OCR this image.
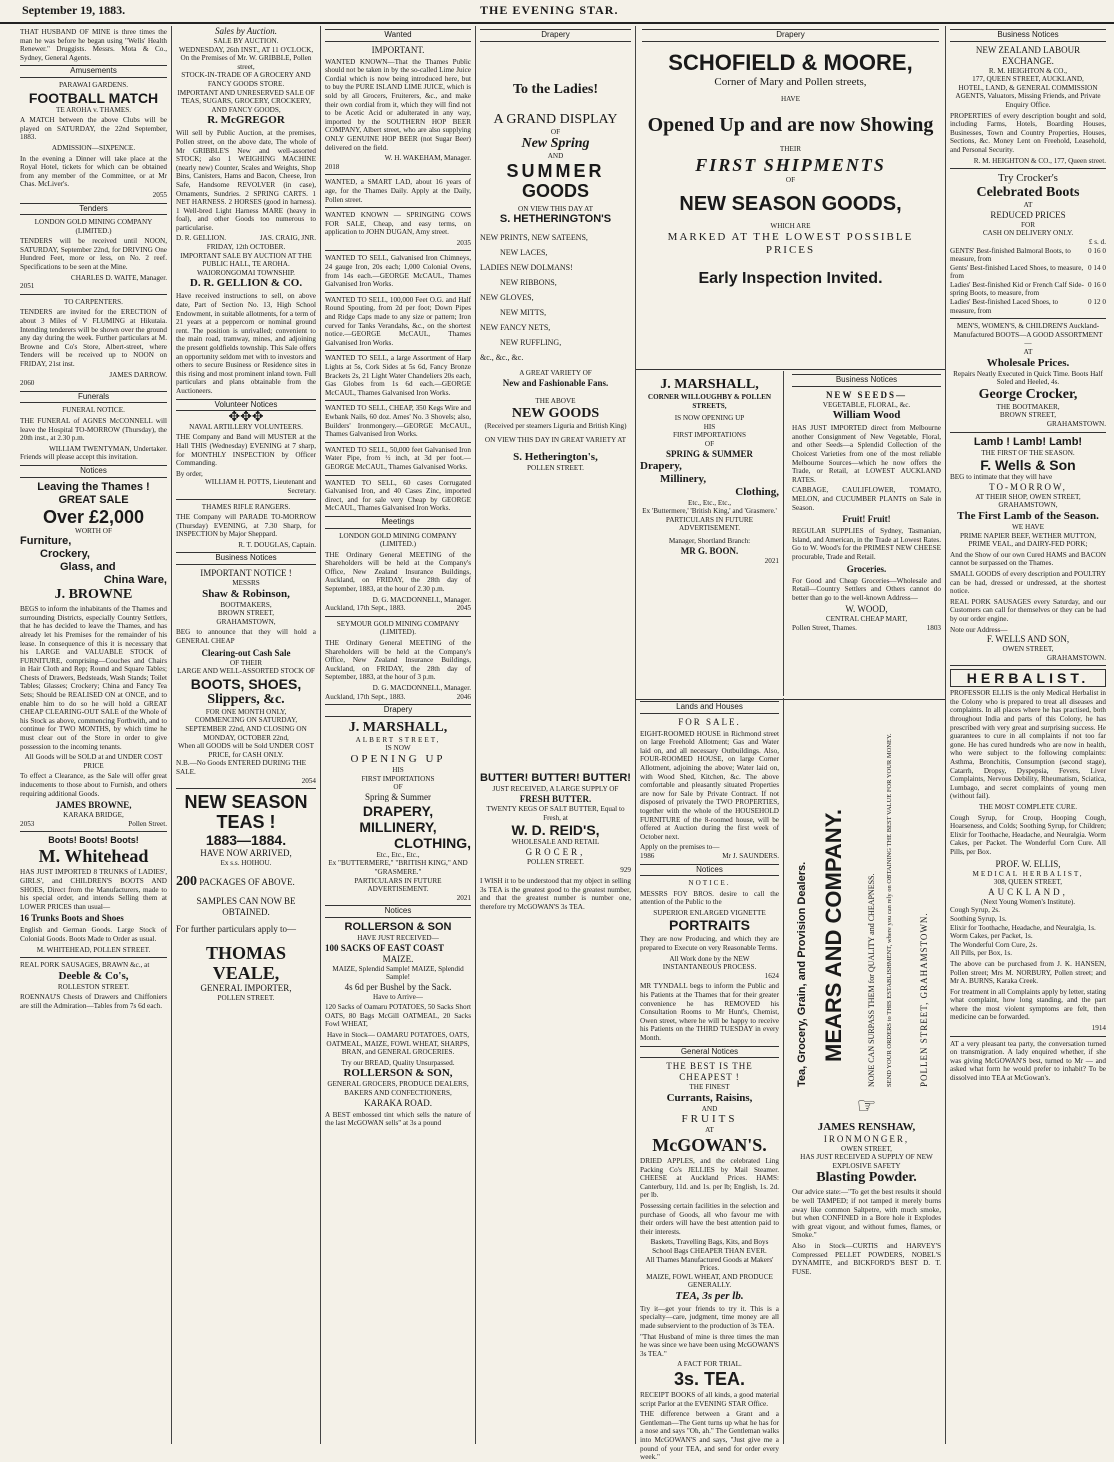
September 19, 1883.	THE EVENING STAR.

THAT HUSBAND OF MINE is three times the man he was before he began using "Wells' Health Renewer." Druggists. Messrs. Mota & Co., Sydney, General Agents.

Amusements
PARAWAI GARDENS.
FOOTBALL MATCH
TE AROHA v. THAMES.

A MATCH between the above Clubs will be played on SATURDAY, the 22nd September, 1883.

ADMISSION—SIXPENCE.

In the evening a Dinner will take place at the Royal Hotel, tickets for which can be obtained from any member of the Committee, or at Mr Chas. McLiver's.

2055
Tenders
LONDON GOLD MINING COMPANY (LIMITED.)

TENDERS will be received until NOON, SATURDAY, September 22nd, for DRIVING One Hundred Feet, more or less, on No. 2 reef. Specifications to be seen at the Mine.

CHARLES D. WAITE, Manager.
2051
TO CARPENTERS.

TENDERS are invited for the ERECTION of about 3 Miles of V FLUMING at Hikutaia. Intending tenderers will be shown over the ground any day during the week. Further particulars at M. Browne and Co's Store, Albert-street, where Tenders will be received up to NOON on FRIDAY, 21st inst.

JAMES DARROW.
2060
Funerals
FUNERAL NOTICE.

THE FUNERAL of AGNES McCONNELL will leave the Hospital TO-MORROW (Thursday), the 20th inst., at 2.30 p.m.

WILLIAM TWENTYMAN, Undertaker.
Friends will please accept this invitation.
Notices
Leaving the Thames !
GREAT SALE
Over £2,000
WORTH OF
Furniture,
Crockery,
Glass, and
China Ware,
J. BROWNE

BEGS to inform the inhabitants of the Thames and surrounding Districts, especially Country Settlers, that he has decided to leave the Thames, and has already let his Premises for the remainder of his lease. In consequence of this it is necessary that his LARGE and VALUABLE STOCK of FURNITURE, comprising—Couches and Chairs in Hair Cloth and Rep; Round and Square Tables; Chests of Drawers, Bedsteads, Wash Stands; Toilet Tables; Glasses; Crockery; China and Fancy Tea Sets; Should be REALISED ON at ONCE, and to enable him to do so he will hold a GREAT CHEAP CLEARING-OUT SALE of the Whole of his Stock as above, commencing Forthwith, and to continue for TWO MONTHS, by which time he must clear out of the Store in order to give possession to the incoming tenants.

All Goods will be SOLD at and UNDER COST PRICE

To effect a Clearance, as the Sale will offer great inducements to those about to Furnish, and others requiring additional Goods.

JAMES BROWNE,
KARAKA BRIDGE,
2053	Pollen Street.
Boots! Boots! Boots!
M. Whitehead

HAS JUST IMPORTED 8 TRUNKS of LADIES', GIRLS', and CHILDREN'S BOOTS AND SHOES, Direct from the Manufacturers, made to his special order, and intends Selling them at LOWER PRICES than usual—

16 Trunks Boots and Shoes

English and German Goods. Large Stock of Colonial Goods. Boots Made to Order as usual.

M. WHITEHEAD, POLLEN STREET.
REAL PORK SAUSAGES, BRAWN &c., at
Deeble & Co's,
ROLLESTON STREET.

ROENNAU'S Chests of Drawers and Chiffoniers are still the Admiration—Tables from 7s 6d each.

Sales by Auction.
SALE BY AUCTION.
WEDNESDAY, 26th INST., AT 11 O'CLOCK,
On the Premises of Mr. W. GRIBBLE, Pollen street,
STOCK-IN-TRADE OF A GROCERY AND FANCY GOODS STORE.
IMPORTANT AND UNRESERVED SALE OF TEAS, SUGARS, GROCERY, CROCKERY, AND FANCY GOODS,
R. McGREGOR

Will sell by Public Auction, at the premises, Pollen street, on the above date, The whole of Mr GRIBBLE'S New and well-assorted STOCK; also 1 WEIGHING MACHINE (nearly new) Counter, Scales and Weights, Shop Bins, Canisters, Hams and Bacon, Cheese, Iron Safe, Handsome REVOLVER (in case), Ornaments, Sundries. 2 SPRING CARTS. 1 NET HARNESS. 2 HORSES (good in harness). 1 Well-bred Light Harness MARE (heavy in foal), and other Goods too numerous to particularise.

D. R. GELLION.	JAS. CRAIG, JNR.
FRIDAY, 12th OCTOBER.
IMPORTANT SALE BY AUCTION AT THE PUBLIC HALL, TE AROHA.
WAIORONGOMAI TOWNSHIP.
D. R. GELLION & CO.

Have received instructions to sell, on above date, Part of Section No. 13, High School Endowment, in suitable allotments, for a term of 21 years at a peppercorn or nominal ground rent. The position is unrivalled; convenient to the main road, tramway, mines, and adjoining the present goldfields township. This Sale offers an opportunity seldom met with to investors and others to secure Business or Residence sites in this rising and most prominent inland town. Full particulars and plans obtainable from the Auctioneers.

Volunteer Notices
✥✥✥
NAVAL ARTILLERY VOLUNTEERS.

THE Company and Band will MUSTER at the Hall THIS (Wednesday) EVENING at 7 sharp, for MONTHLY INSPECTION by Officer Commanding.

By order,
WILLIAM H. POTTS, Lieutenant and Secretary.
THAMES RIFLE RANGERS.

THE Company will PARADE TO-MORROW (Thursday) EVENING, at 7.30 Sharp, for INSPECTION by Major Sheppard.

R. T. DOUGLAS, Captain.
Business Notices
IMPORTANT NOTICE !
MESSRS
Shaw & Robinson,
BOOTMAKERS,
BROWN STREET,
GRAHAMSTOWN,

BEG to announce that they will hold a GENERAL CHEAP

Clearing-out Cash Sale
OF THEIR
LARGE AND WELL-ASSORTED STOCK OF
BOOTS, SHOES,
Slippers, &c.
FOR ONE MONTH ONLY,
COMMENCING ON SATURDAY, SEPTEMBER 22nd, AND CLOSING ON MONDAY, OCTOBER 22nd,
When all GOODS will be Sold UNDER COST PRICE, for CASH ONLY.
N.B.—No Goods ENTERED DURING THE SALE.
2054
NEW SEASON
TEAS !
1883—1884.
HAVE NOW ARRIVED,
Ex s.s. HOIHOU.
200 PACKAGES OF ABOVE.
SAMPLES CAN NOW BE OBTAINED.
For further particulars apply to—
THOMAS VEALE,
GENERAL IMPORTER,
POLLEN STREET.
Wanted
IMPORTANT.

WANTED KNOWN—That the Thames Public should not be taken in by the so-called Lime Juice Cordial which is now being introduced here, but to buy the PURE ISLAND LIME JUICE, which is sold by all Grocers, Fruiterers, &c., and make their own cordial from it, which they will find not to be Acetic Acid or adulterated in any way, imported by the SOUTHERN HOP BEER COMPANY, Albert street, who are also supplying ONLY GENUINE HOP BEER (not Sugar Beer) delivered on the field.

W. H. WAKEHAM, Manager.
2018

WANTED, a SMART LAD, about 16 years of age, for the Thames Daily. Apply at the Daily, Pollen street.

WANTED KNOWN — SPRINGING COWS FOR SALE, Cheap, and easy terms, on application to JOHN DUGAN, Amy street.

2035

WANTED TO SELL, Galvanised Iron Chimneys, 24 gauge Iron, 20s each; 1,000 Colonial Ovens, from 14s each.—GEORGE McCAUL, Thames Galvanised Iron Works.

WANTED TO SELL, 100,000 Feet O.G. and Half Round Spouting, from 2d per foot; Down Pipes and Ridge Caps made to any size or pattern; Iron curved for Tanks Verandahs, &c., on the shortest notice.—GEORGE McCAUL, Thames Galvanised Iron Works.

WANTED TO SELL, a large Assortment of Harp Lights at 5s, Cork Sides at 5s 6d, Fancy Bronze Brackets 2s, 21 Light Water Chandeliers 20s each, Gas Globes from 1s 6d each.—GEORGE McCAUL, Thames Galvanised Iron Works.

WANTED TO SELL, CHEAP, 350 Kegs Wire and Ewbank Nails, 60 doz. Ames' No. 3 Shovels; also, Builders' Ironmongery.—GEORGE McCAUL, Thames Galvanised Iron Works.

WANTED TO SELL, 50,000 feet Galvanised Iron Water Pipe, from ½ inch, at 3d per foot.—GEORGE McCAUL, Thames Galvanised Works.

WANTED TO SELL, 60 cases Corrugated Galvanised Iron, and 40 Cases Zinc, imported direct, and for sale very Cheap by GEORGE McCAUL, Thames Galvanised Iron Works.

Meetings
LONDON GOLD MINING COMPANY (LIMITED.)

THE Ordinary General MEETING of the Shareholders will be held at the Company's Office, New Zealand Insurance Buildings, Auckland, on FRIDAY, the 28th day of September, 1883, at the hour of 2.30 p.m.

D. G. MACDONNELL, Manager.
Auckland, 17th Sept., 1883.	2045
SEYMOUR GOLD MINING COMPANY (LIMITED).

THE Ordinary General MEETING of the Shareholders will be held at the Company's Office, New Zealand Insurance Buildings, Auckland, on FRIDAY, the 28th day of September, 1883, at the hour of 3 p.m.

D. G. MACDONNELL, Manager.
Auckland, 17th Sept., 1883.	2046
Drapery
J. MARSHALL,
ALBERT STREET,
IS NOW
OPENING UP
HIS
FIRST IMPORTATIONS
OF
Spring & Summer
DRAPERY,
MILLINERY,
CLOTHING,
Etc., Etc., Etc.,
Ex "BUTTERMERE," "BRITISH KING," AND "GRASMERE."
PARTICULARS IN FUTURE ADVERTISEMENT.
2021
Notices
ROLLERSON & SON
HAVE JUST RECEIVED—
100 SACKS OF EAST COAST
MAIZE.
MAIZE, Splendid Sample! MAIZE, Splendid Sample!
4s 6d per Bushel by the Sack.
Have to Arrive—

120 Sacks of Oamaru POTATOES, 50 Sacks Short OATS, 80 Bags McGill OATMEAL, 20 Sacks Fowl WHEAT,

Have in Stock— OAMARU POTATOES, OATS, OATMEAL, MAIZE, FOWL WHEAT, SHARPS, BRAN, and GENERAL GROCERIES.

Try our BREAD, Quality Unsurpassed.
ROLLERSON & SON,
GENERAL GROCERS, PRODUCE DEALERS, BAKERS AND CONFECTIONERS,
KARAKA ROAD.

A BEST embossed tint which sells the nature of the last McGOWAN sells" at 3s a pound

Drapery
To the Ladies!
A GRAND DISPLAY
OF
New Spring
AND
SUMMER
GOODS
ON VIEW THIS DAY AT
S. HETHERINGTON'S
NEW PRINTS, NEW SATEENS,
NEW LACES,
LADIES NEW DOLMANS!
NEW RIBBONS,
NEW GLOVES,
NEW MITTS,
NEW FANCY NETS,
NEW RUFFLING,
&c., &c., &c.
A GREAT VARIETY OF
New and Fashionable Fans.
THE ABOVE
NEW GOODS
(Received per steamers Liguria and British King)
ON VIEW THIS DAY IN GREAT VARIETY AT
S. Hetherington's,
POLLEN STREET.
BUTTER! BUTTER! BUTTER!
JUST RECEIVED, A LARGE SUPPLY OF
FRESH BUTTER.
TWENTY KEGS OF SALT BUTTER, Equal to Fresh, at
W. D. REID'S,
WHOLESALE AND RETAIL
GROCER,
POLLEN STREET.
929

I WISH it to be understood that my object in selling 3s TEA is the greatest good to the greatest number, and that the greatest number is number one, therefore try McGOWAN'S 3s TEA.

Drapery
SCHOFIELD & MOORE,
Corner of Mary and Pollen streets,
HAVE
Opened Up and are now Showing
THEIR
FIRST SHIPMENTS
OF
NEW SEASON GOODS,
WHICH ARE
MARKED AT THE LOWEST POSSIBLE PRICES
Early Inspection Invited.
J. MARSHALL,
CORNER WILLOUGHBY & POLLEN STREETS,
IS NOW OPENING UP
HIS
FIRST IMPORTATIONS
OF
SPRING & SUMMER
Drapery,
Millinery,
Clothing,
Etc., Etc., Etc.,
Ex 'Buttermere,' 'British King,' and 'Grasmere.'
PARTICULARS IN FUTURE ADVERTISEMENT.
Manager, Shortland Branch:
MR G. BOON.
2021
Business Notices
NEW SEEDS—
VEGETABLE, FLORAL, &c.
William Wood

HAS JUST IMPORTED direct from Melbourne another Consignment of New Vegetable, Floral, and other Seeds—a Splendid Collection of the Choicest Varieties from one of the most reliable Melbourne Sources—which he now offers the Trade, or Retail, at LOWEST AUCKLAND RATES.

CABBAGE, CAULIFLOWER, TOMATO, MELON, and CUCUMBER PLANTS on Sale in Season.

Fruit! Fruit!

REGULAR SUPPLIES of Sydney, Tasmanian, Island, and American, in the Trade at Lowest Rates. Go to W. Wood's for the PRIMEST NEW CHEESE procurable, Trade and Retail.

Groceries.

For Good and Cheap Groceries—Wholesale and Retail—Country Settlers and Others cannot do better than go to the well-known Address—

W. WOOD,
CENTRAL CHEAP MART,
Pollen Street, Thames.	1803
Lands and Houses
FOR SALE.

EIGHT-ROOMED HOUSE in Richmond street on large Freehold Allotment; Gas and Water laid on, and all necessary Outbuildings. Also, FOUR-ROOMED HOUSE, on large Corner Allotment, adjoining the above; Water laid on, with Wood Shed, Kitchen, &c. The above comfortable and pleasantly situated Properties are now for Sale by Private Contract. If not disposed of privately the TWO PROPERTIES, together with the whole of the HOUSEHOLD FURNITURE of the 8-roomed house, will be offered at Auction during the first week of October next.

Apply on the premises to—
1986	Mr J. SAUNDERS.
Notices
NOTICE.

MESSRS FOY BROS. desire to call the attention of the Public to the

SUPERIOR ENLARGED VIGNETTE
PORTRAITS

They are now Producing, and which they are prepared to Execute on very Reasonable Terms.

All Work done by the NEW INSTANTANEOUS PROCESS.
1624

MR TYNDALL begs to inform the Public and his Patients at the Thames that for their greater convenience he has REMOVED his Consultation Rooms to Mr Hunt's, Chemist, Owen street, where he will be happy to receive his Patients on the THIRD TUESDAY in every Month.

General Notices
THE BEST IS THE CHEAPEST !
THE FINEST
Currants, Raisins,
AND
FRUITS
AT
McGOWAN'S.

DRIED APPLES, and the celebrated Ling Packing Co's JELLIES by Mail Steamer. CHEESE at Auckland Prices. HAMS: Canterbury, 11d. and 1s. per lb; English, 1s. 2d. per lb.

Possessing certain facilities in the selection and purchase of Goods, all who favour me with their orders will have the best attention paid to their interests.

Baskets, Travelling Bags, Kits, and Boys School Bags CHEAPER THAN EVER.
All Thames Manufactured Goods at Makers' Prices.
MAIZE, FOWL WHEAT, AND PRODUCE GENERALLY.
TEA, 3s per lb.

Try it—get your friends to try it. This is a specialty—care, judgment, time money are all made subservient to the production of 3s TEA.

"That Husband of mine is three times the man he was since we have been using McGOWAN'S 3s TEA."

A FACT FOR TRIAL.
3s. TEA.

RECEIPT BOOKS of all kinds, a good material script Parlor at the EVENING STAR Office.

THE difference between a Grant and a Gentleman—The Gent turns up what he has for a nose and says "Oh, ah." The Gentleman walks into McGOWAN'S and says, "Just give me a pound of your TEA, and send for order every week."

Tea, Grocery, Grain, and Provision Dealers. MEARS AND COMPANY.	NONE CAN SURPASS THEM for QUALITY and CHEAPNESS. SEND YOUR ORDERS to THIS ESTABLISHMENT, where you can rely on OBTAINING THE BEST VALUE FOR YOUR MONEY.	POLLEN STREET, GRAHAMSTOWN.
☞
JAMES RENSHAW,
IRONMONGER,
OWEN STREET,
HAS JUST RECEIVED A SUPPLY OF NEW EXPLOSIVE SAFETY
Blasting Powder.

Our advice state:—"To get the best results it should be well TAMPED; if not tamped it merely burns away like common Saltpetre, with much smoke, but when CONFINED in a Bore hole it Explodes with great vigour, and without fumes, flames, or Smoke."

Also in Stock—CURTIS and HARVEY'S Compressed PELLET POWDERS, NOBEL'S DYNAMITE, and BICKFORD'S BEST D. T. FUSE.

Business Notices
NEW ZEALAND LABOUR EXCHANGE.
R. M. HEIGHTON & CO.,
177, QUEEN STREET, AUCKLAND,
HOTEL, LAND, & GENERAL COMMISSION AGENTS, Valuators, Missing Friends, and Private Enquiry Office.

PROPERTIES of every description bought and sold, including Farms, Hotels, Boarding Houses, Businesses, Town and Country Properties, Houses, Sections, &c. Money Lent on Freehold, Leasehold, and Personal Security.

R. M. HEIGHTON & CO., 177, Queen street.
Try Crocker's
Celebrated Boots
AT
REDUCED PRICES
FOR
CASH ON DELIVERY ONLY.
£ s. d.
GENTS' Best-finished Balmoral Boots, to measure, from
0 16 0
Gents' Best-finished Laced Shoes, to measure, from
0 14 0
Ladies' Best-finished Kid or French Calf Side-spring Boots, to measure, from
0 16 0
Ladies' Best-finished Laced Shoes, to measure, from
0 12 0
MEN'S, WOMEN'S, & CHILDREN'S Auckland-Manufactured BOOTS—A GOOD ASSORTMENT—
AT
Wholesale Prices.
Repairs Neatly Executed in Quick Time. Boots Half Soled and Heeled, 4s.
George Crocker,
THE BOOTMAKER,
BROWN STREET,
GRAHAMSTOWN.
Lamb ! Lamb! Lamb!
THE FIRST OF THE SEASON.
F. Wells & Son
BEG to intimate that they will have
TO-MORROW,
AT THEIR SHOP, OWEN STREET, GRAHAMSTOWN,
The First Lamb of the Season.
WE HAVE
PRIME NAPIER BEEF, WETHER MUTTON, PRIME VEAL, and DAIRY-FED PORK;

And the Show of our own Cured HAMS and BACON cannot be surpassed on the Thames.

SMALL GOODS of every description and POULTRY can be had, dressed or undressed, at the shortest notice.

REAL PORK SAUSAGES every Saturday, and our Customers can call for themselves or they can be had by our order engine.

Note our Address—
F. WELLS AND SON,
OWEN STREET,
GRAHAMSTOWN.
HERBALIST.

PROFESSOR ELLIS is the only Medical Herbalist in the Colony who is prepared to treat all diseases and complaints. In all places where he has practised, both throughout India and parts of this Colony, he has prescribed with very great and surprising success. He guarantees to cure in all complaints if not too far gone. He has cured hundreds who are now in health, who were subject to the following complaints: Asthma, Bronchitis, Consumption (second stage), Catarrh, Dropsy, Dyspepsia, Fevers, Liver Complaints, Nervous Debility, Rheumatism, Sciatica, Lumbago, and secret complaints of young men (without fail).

THE MOST COMPLETE CURE.

Cough Syrup, for Croup, Hooping Cough, Hoarseness, and Colds; Soothing Syrup, for Children; Elixir for Toothache, Headache, and Neuralgia. Worm Cakes, per Packet. The Wonderful Corn Cure. All Pills, per Box.

PROF. W. ELLIS,
MEDICAL HERBALIST,
308, QUEEN STREET,
AUCKLAND,
(Next Young Women's Institute).
Cough Syrup, 2s.
Soothing Syrup, 1s.
Elixir for Toothache, Headache, and Neuralgia, 1s.
Worm Cakes, per Packet, 1s.
The Wonderful Corn Cure, 2s.
All Pills, per Box, 1s.

The above can be purchased from J. K. HANSEN, Pollen street; Mrs M. NORBURY, Pollen street; and Mr A. BURNS, Karaka Creek.

For treatment in all Complaints apply by letter, stating what complaint, how long standing, and the part where the most violent symptoms are felt, then medicine can be forwarded.

1914

AT a very pleasant tea party, the conversation turned on transmigration. A lady enquired whether, if she was giving McGOWAN'S best, turned to Mr — and asked what form he would prefer to inhabit? To be dissolved into TEA at McGowan's.
